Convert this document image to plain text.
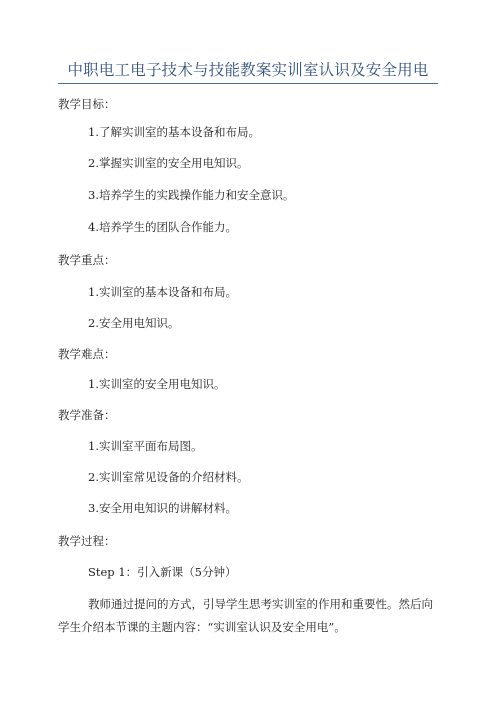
中职电工电子技术与技能教案实训室认识及安全用电
教学目标：
1.了解实训室的基本设备和布局。
2.掌握实训室的安全用电知识。
3.培养学生的实践操作能力和安全意识。
4.培养学生的团队合作能力。
教学重点：
1.实训室的基本设备和布局。
2.安全用电知识。
教学难点：
1.实训室的安全用电知识。
教学准备：
1.实训室平面布局图。
2.实训室常见设备的介绍材料。
3.安全用电知识的讲解材料。
教学过程：
Step 1：引入新课（5分钟）
教师通过提问的方式，引导学生思考实训室的作用和重要性。然后向
学生介绍本节课的主题内容：“实训室认识及安全用电”。
